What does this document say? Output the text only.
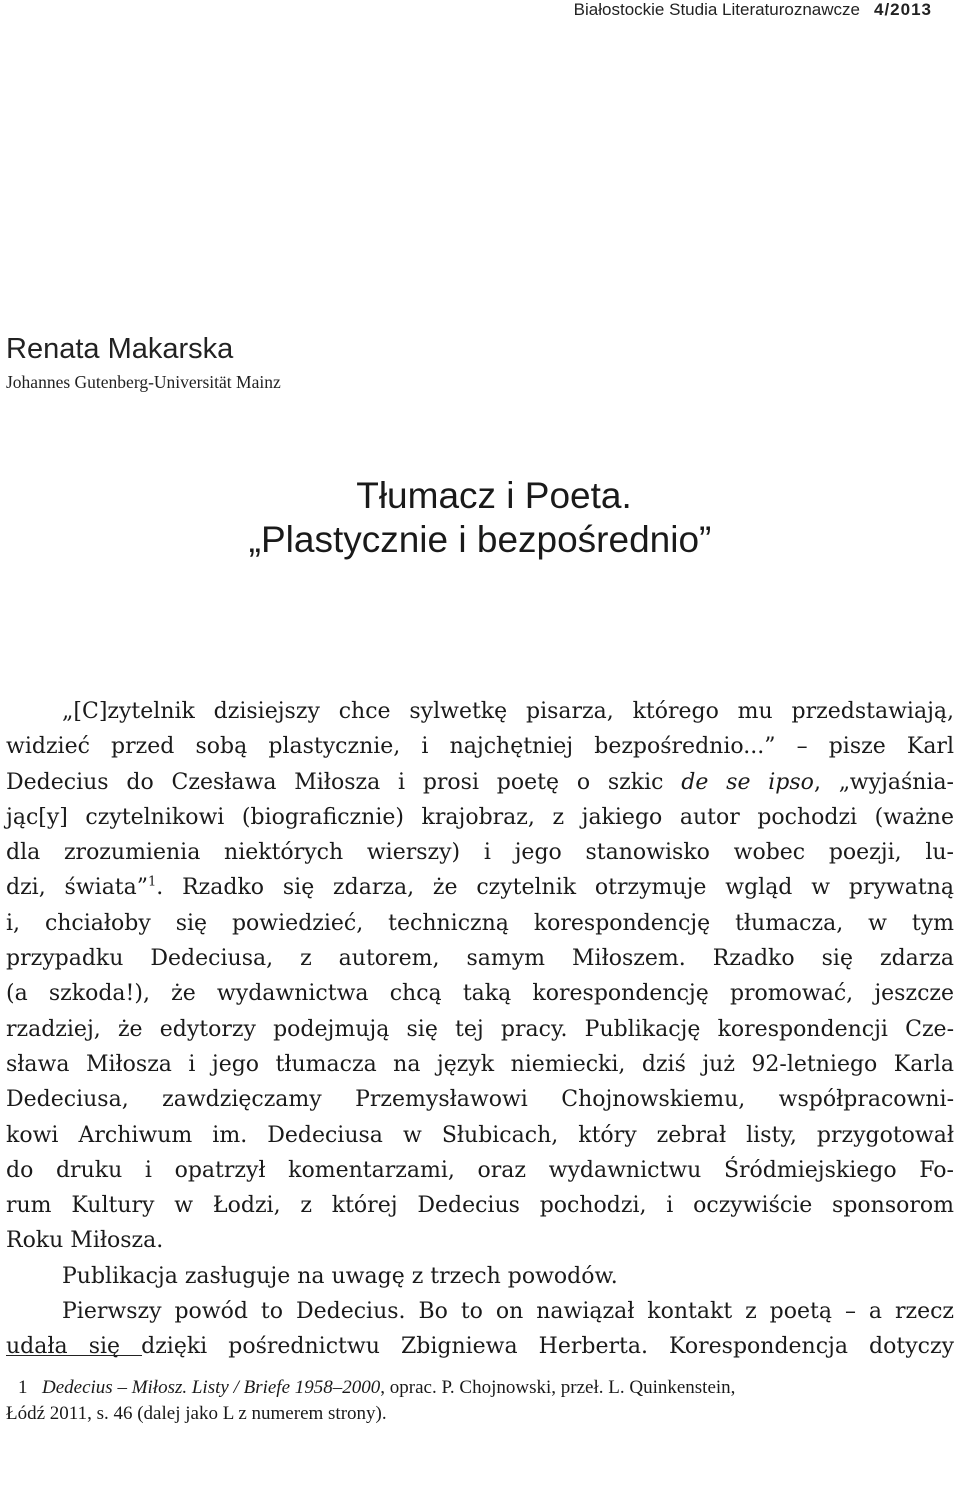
Białostockie Studia Literaturoznawcze 4/2013
Renata Makarska
Johannes Gutenberg-Universität Mainz
Tłumacz i Poeta.
„Plastycznie i bezpośrednio”
„[C]zytelnik dzisiejszy chce sylwetkę pisarza, którego mu przedstawiają,
widzieć przed sobą plastycznie, i najchętniej bezpośrednio...” – pisze Karl
Dedecius do Czesława Miłosza i prosi poetę o szkic de se ipso, „wyjaśnia-
jąc[y] czytelnikowi (biograficznie) krajobraz, z jakiego autor pochodzi (ważne
dla zrozumienia niektórych wierszy) i jego stanowisko wobec poezji, lu-
dzi, świata”$^1$. Rzadko się zdarza, że czytelnik otrzymuje wgląd w prywatną
i, chciałoby się powiedzieć, techniczną korespondencję tłumacza, w tym
przypadku Dedeciusa, z autorem, samym Miłoszem. Rzadko się zdarza
(a szkoda!), że wydawnictwa chcą taką korespondencję promować, jeszcze
rzadziej, że edytorzy podejmują się tej pracy. Publikację korespondencji Cze-
sława Miłosza i jego tłumacza na język niemiecki, dziś już 92-letniego Karla
Dedeciusa, zawdzięczamy Przemysławowi Chojnowskiemu, współpracowni-
kowi Archiwum im. Dedeciusa w Słubicach, który zebrał listy, przygotował
do druku i opatrzył komentarzami, oraz wydawnictwu Śródmiejskiego Fo-
rum Kultury w Łodzi, z której Dedecius pochodzi, i oczywiście sponsorom
Roku Miłosza.
Publikacja zasługuje na uwagę z trzech powodów.
Pierwszy powód to Dedecius. Bo to on nawiązał kontakt z poetą – a rzecz
udała się dzięki pośrednictwu Zbigniewa Herberta. Korespondencja dotyczy
1 Dedecius – Miłosz. Listy / Briefe 1958–2000, oprac. P. Chojnowski, przeł. L. Quinkenstein,
Łódź 2011, s. 46 (dalej jako L z numerem strony).
